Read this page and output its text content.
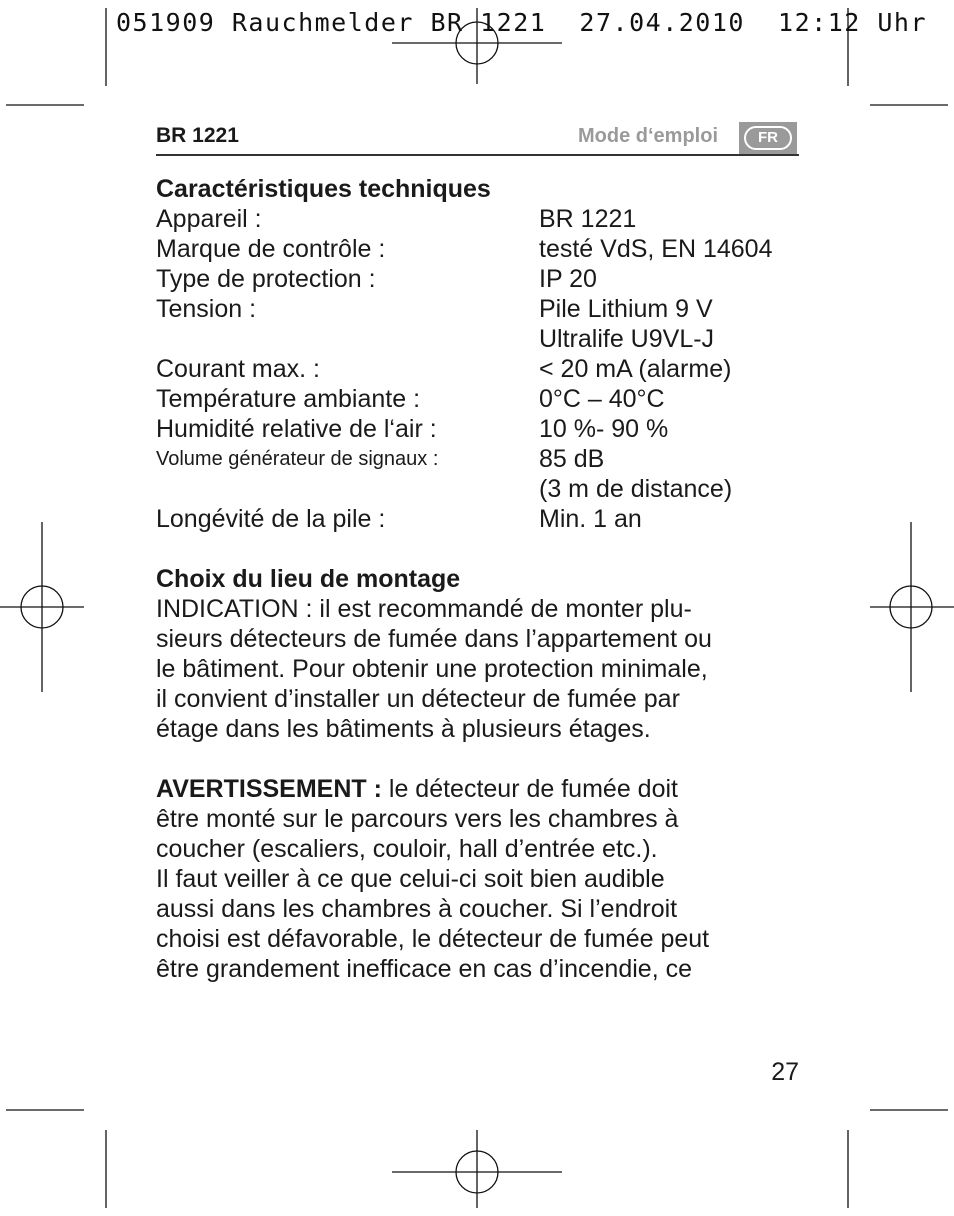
051909 Rauchmelder BR 1221  27.04.2010  12:12 Uhr
BR 1221	Mode d‘emploi	FR
Caractéristiques techniques
Appareil :	BR 1221
Marque de contrôle :	testé VdS, EN 14604
Type de protection :	IP 20
Tension :	Pile Lithium 9 V
Ultralife U9VL-J
Courant max. :	< 20 mA (alarme)
Température ambiante :	0°C – 40°C
Humidité relative de l‘air :	10 %- 90 %
Volume générateur de signaux :	85 dB
(3 m de distance)
Longévité de la pile :	Min. 1 an
Choix du lieu de montage
INDICATION : il est recommandé de monter plu-
sieurs détecteurs de fumée dans l’appartement ou
le bâtiment. Pour obtenir une protection minimale,
il convient d’installer un détecteur de fumée par
étage dans les bâtiments à plusieurs étages.
AVERTISSEMENT : le détecteur de fumée doit
être monté sur le parcours vers les chambres à
coucher (escaliers, couloir, hall d’entrée etc.).
Il faut veiller à ce que celui-ci soit bien audible
aussi dans les chambres à coucher. Si l’endroit
choisi est défavorable, le détecteur de fumée peut
être grandement inefficace en cas d’incendie, ce
27
